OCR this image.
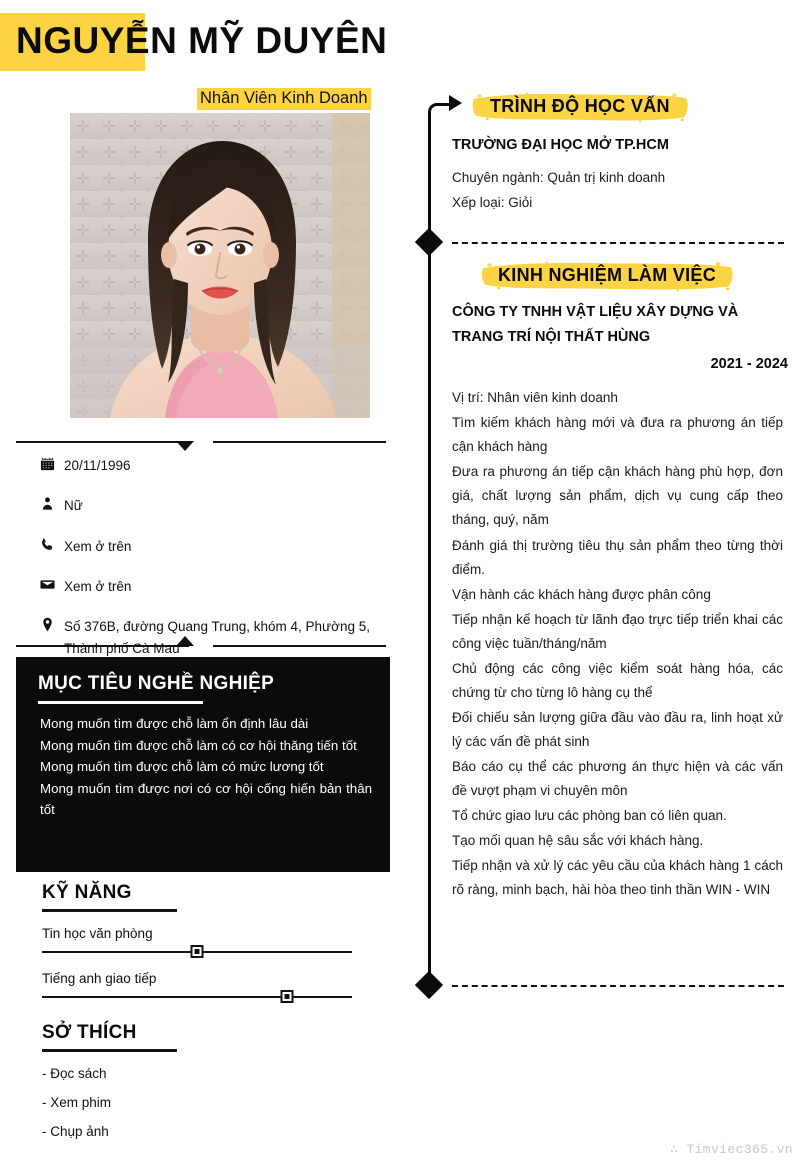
NGUYỄN MỸ DUYÊN
Nhân Viên Kinh Doanh
20/11/1996
Nữ
Xem ở trên
Xem ở trên
Số 376B, đường Quang Trung, khóm 4, Phường 5, Thành phố Cà Mau
MỤC TIÊU NGHỀ NGHIỆP
Mong muốn tìm được chỗ làm ổn định lâu dài
Mong muốn tìm được chỗ làm có cơ hội thăng tiến tốt
Mong muốn tìm được chỗ làm có mức lương tốt
Mong muốn tìm được nơi có cơ hội cống hiến bản thân tốt
KỸ NĂNG
Tin học văn phòng
Tiếng anh giao tiếp
SỞ THÍCH
- Đọc sách
- Xem phim
- Chụp ảnh
TRÌNH ĐỘ HỌC VẤN
TRƯỜNG ĐẠI HỌC MỞ TP.HCM
Chuyên ngành: Quản trị kinh doanh
Xếp loại: Giỏi
KINH NGHIỆM LÀM VIỆC
CÔNG TY TNHH VẬT LIỆU XÂY DỰNG VÀ TRANG TRÍ NỘI THẤT HÙNG
2021 - 2024
Vị trí: Nhân viên kinh doanh
Tìm kiếm khách hàng mới và đưa ra phương án tiếp cận khách hàng
Đưa ra phương án tiếp cận khách hàng phù hợp, đơn giá, chất lượng sản phẩm, dịch vụ cung cấp theo tháng, quý, năm
Đánh giá thị trường tiêu thụ sản phẩm theo từng thời điểm.
Vận hành các khách hàng được phân công
Tiếp nhận kế hoạch từ lãnh đạo trực tiếp triển khai các công việc tuần/tháng/năm
Chủ động các công việc kiểm soát hàng hóa, các chứng từ cho từng lô hàng cụ thể
Đối chiếu sản lượng giữa đầu vào đầu ra, linh hoạt xử lý các vấn đề phát sinh
Báo cáo cụ thể các phương án thực hiện và các vấn đề vượt phạm vi chuyên môn
Tổ chức giao lưu các phòng ban có liên quan.
Tạo mối quan hệ sâu sắc với khách hàng.
Tiếp nhận và xử lý các yêu cầu của khách hàng 1 cách rõ ràng, minh bạch, hài hòa theo tinh thần WIN - WIN
∴ Timviec365.vn
